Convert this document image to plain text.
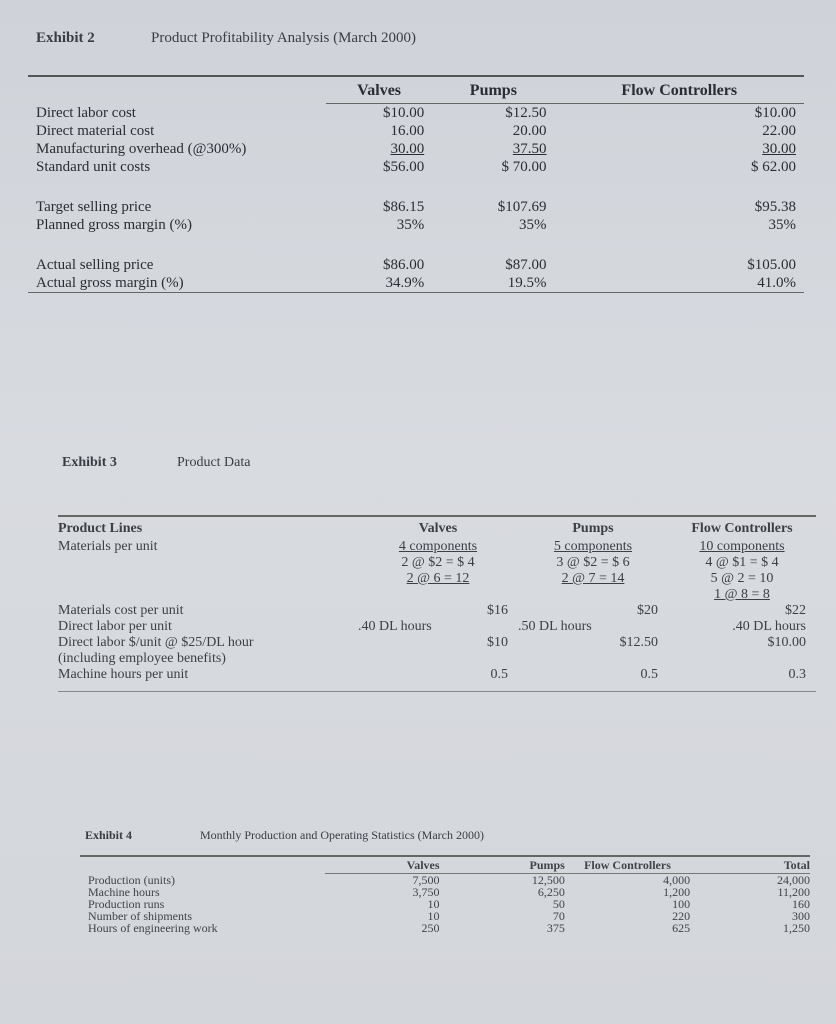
Exhibit 2	Product Profitability Analysis (March 2000)

	Valves	Pumps	Flow Controllers
Direct labor cost	$10.00	$12.50	$10.00
Direct material cost	16.00	20.00	22.00
Manufacturing overhead (@300%)	30.00	37.50	30.00
Standard unit costs	$56.00	$ 70.00	$ 62.00

Target selling price	$86.15	$107.69	$95.38
Planned gross margin (%)	35%	35%	35%

Actual selling price	$86.00	$87.00	$105.00
Actual gross margin (%)	34.9%	19.5%	41.0%
Exhibit 3	Product Data

Product Lines	Valves	Pumps	Flow Controllers
Materials per unit	4 components	5 components	10 components
	2 @ $2 = $ 4	3 @ $2 = $ 6	4 @ $1 = $ 4
	2 @ 6 = 12	2 @ 7 = 14	5 @ 2 = 10
			1 @ 8 = 8
Materials cost per unit	$16	$20	$22
Direct labor per unit	.40 DL hours	.50 DL hours	.40 DL hours
Direct labor $/unit @ $25/DL hour	$10	$12.50	$10.00
(including employee benefits)			
Machine hours per unit	0.5	0.5	0.3

Exhibit 4	Monthly Production and Operating Statistics (March 2000)

	Valves	Pumps	Flow Controllers	Total
Production (units)	7,500	12,500	4,000	24,000
Machine hours	3,750	6,250	1,200	11,200
Production runs	10	50	100	160
Number of shipments	10	70	220	300
Hours of engineering work	250	375	625	1,250
